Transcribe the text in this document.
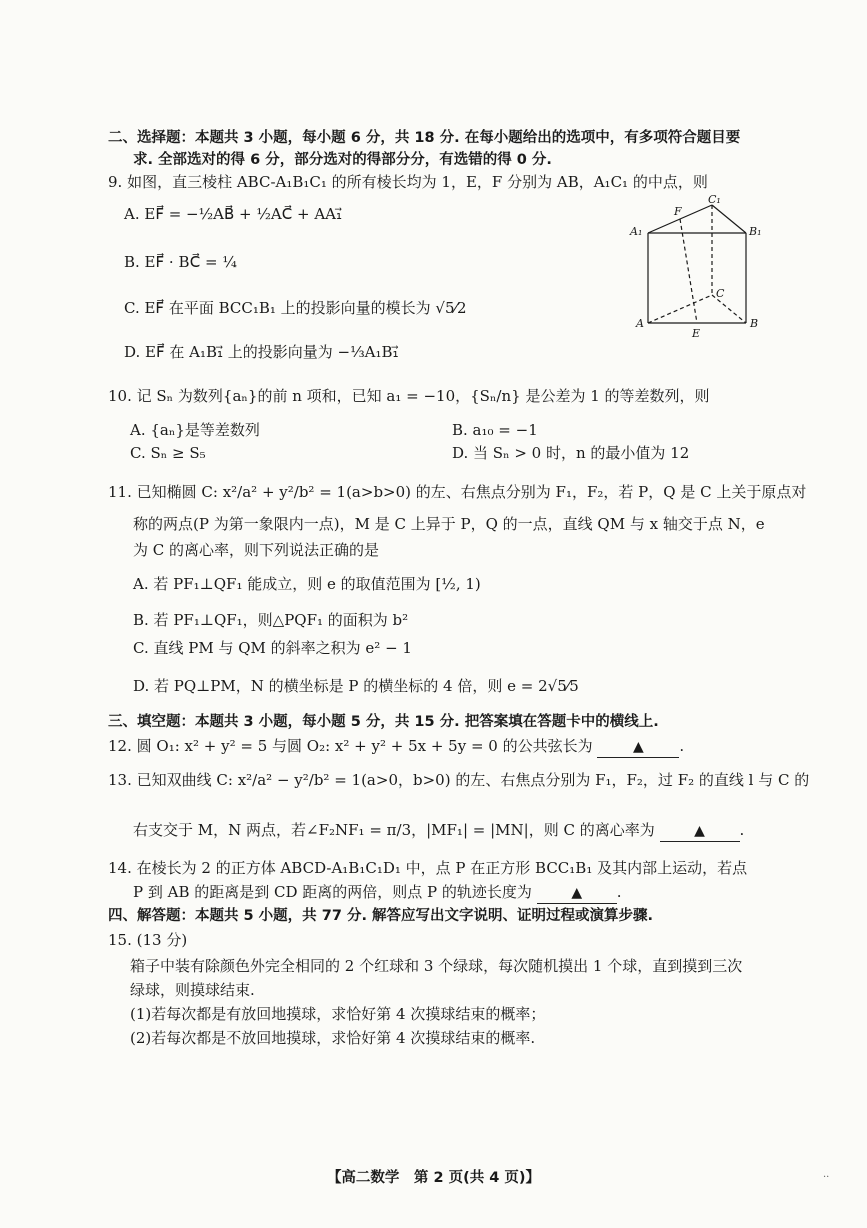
二、选择题：本题共 3 小题，每小题 6 分，共 18 分. 在每小题给出的选项中，有多项符合题目要
求. 全部选对的得 6 分，部分选对的得部分分，有选错的得 0 分.
9. 如图，直三棱柱 ABC-A₁B₁C₁ 的所有棱长均为 1，E，F 分别为 AB，A₁C₁ 的中点，则
A. EF⃗ = −½AB⃗ + ½AC⃗ + AA₁⃗
B. EF⃗ · BC⃗ = ¼
C. EF⃗ 在平面 BCC₁B₁ 上的投影向量的模长为 √5⁄2
D. EF⃗ 在 A₁B₁⃗ 上的投影向量为 −⅓A₁B₁⃗
F
C₁
A₁	B₁
C
A
E
B
10. 记 Sₙ 为数列{aₙ}的前 n 项和，已知 a₁ = −10，{Sₙ/n} 是公差为 1 的等差数列，则
A. {aₙ}是等差数列	B. a₁₀ = −1
C. Sₙ ≥ S₅	D. 当 Sₙ > 0 时，n 的最小值为 12
11. 已知椭圆 C: x²/a² + y²/b² = 1(a>b>0) 的左、右焦点分别为 F₁，F₂，若 P，Q 是 C 上关于原点对
称的两点(P 为第一象限内一点)，M 是 C 上异于 P，Q 的一点，直线 QM 与 x 轴交于点 N，e
为 C 的离心率，则下列说法正确的是
A. 若 PF₁⊥QF₁ 能成立，则 e 的取值范围为 [½, 1)
B. 若 PF₁⊥QF₁，则△PQF₁ 的面积为 b²
C. 直线 PM 与 QM 的斜率之积为 e² − 1
D. 若 PQ⊥PM，N 的横坐标是 P 的横坐标的 4 倍，则 e = 2√5⁄5
三、填空题：本题共 3 小题，每小题 5 分，共 15 分. 把答案填在答题卡中的横线上.
12. 圆 O₁: x² + y² = 5 与圆 O₂: x² + y² + 5x + 5y = 0 的公共弦长为	▲ .
13. 已知双曲线 C: x²/a² − y²/b² = 1(a>0，b>0) 的左、右焦点分别为 F₁，F₂，过 F₂ 的直线 l 与 C 的
右支交于 M，N 两点，若∠F₂NF₁ = π/3，|MF₁| = |MN|，则 C 的离心率为	▲ .
14. 在棱长为 2 的正方体 ABCD-A₁B₁C₁D₁ 中，点 P 在正方形 BCC₁B₁ 及其内部上运动，若点
P 到 AB 的距离是到 CD 距离的两倍，则点 P 的轨迹长度为	▲ .
四、解答题：本题共 5 小题，共 77 分. 解答应写出文字说明、证明过程或演算步骤.
15. (13 分)
箱子中装有除颜色外完全相同的 2 个红球和 3 个绿球，每次随机摸出 1 个球，直到摸到三次
绿球，则摸球结束.
(1)若每次都是有放回地摸球，求恰好第 4 次摸球结束的概率；
(2)若每次都是不放回地摸球，求恰好第 4 次摸球结束的概率.
【高二数学　第 2 页(共 4 页)】	··
